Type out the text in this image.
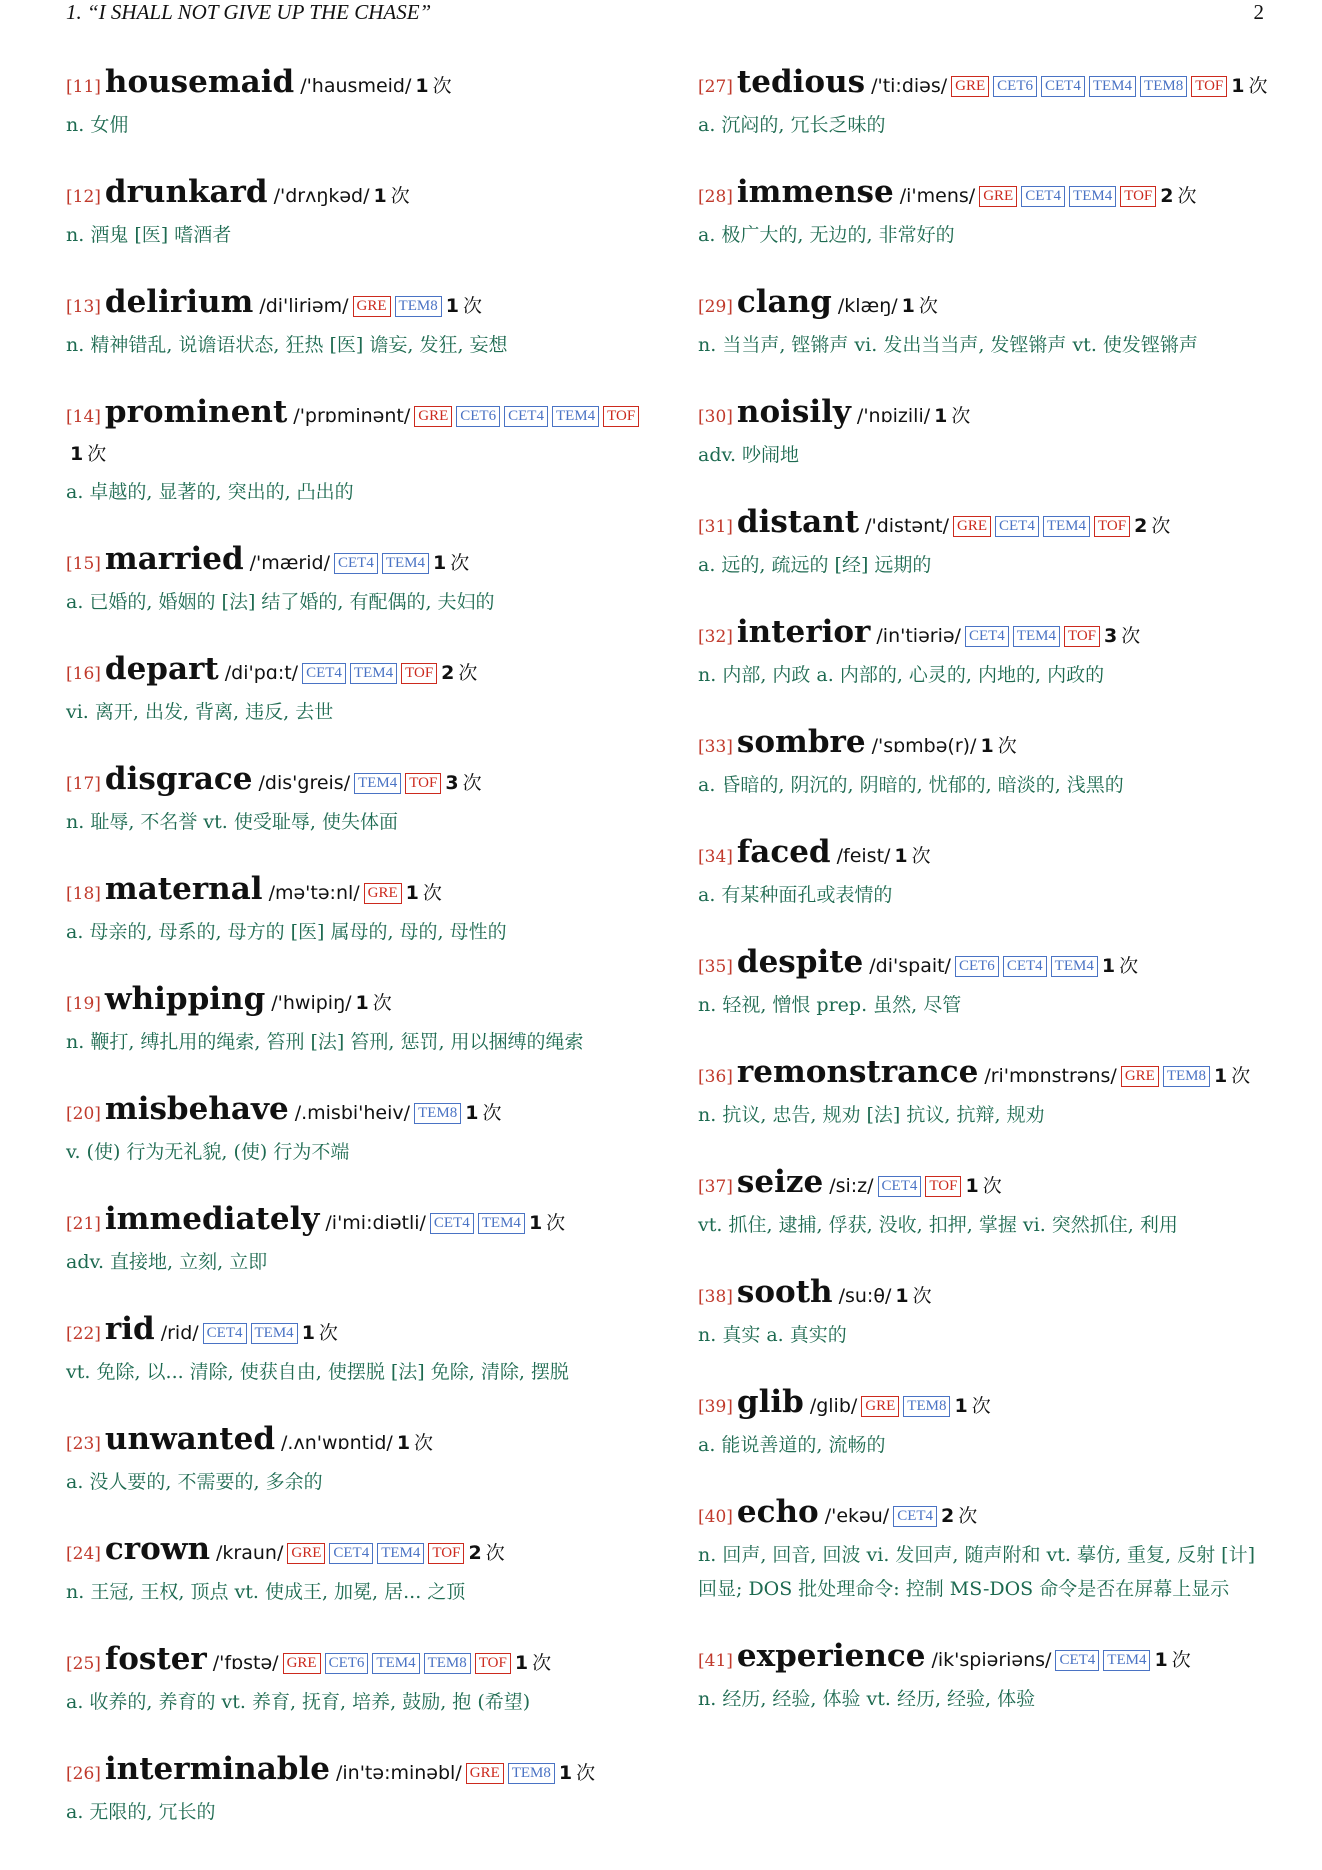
1. “I SHALL NOT GIVE UP THE CHASE”	2
[11] housemaid /'hausmeid/ 1 次
n. 女佣
[12] drunkard /'drʌŋkəd/ 1 次
n. 酒鬼 [医] 嗜酒者
[13] delirium /di'liriəm/ GRE TEM8 1 次
n. 精神错乱, 说谵语状态, 狂热 [医] 谵妄, 发狂, 妄想
[14] prominent /'prɒminənt/ GRE CET6 CET4 TEM4 TOF1 次
a. 卓越的, 显著的, 突出的, 凸出的
[15] married /'mærid/ CET4 TEM4 1 次
a. 已婚的, 婚姻的 [法] 结了婚的, 有配偶的, 夫妇的
[16] depart /di'pɑ:t/ CET4 TEM4 TOF 2 次
vi. 离开, 出发, 背离, 违反, 去世
[17] disgrace /dis'greis/ TEM4 TOF 3 次
n. 耻辱, 不名誉 vt. 使受耻辱, 使失体面
[18] maternal /mə'tə:nl/ GRE 1 次
a. 母亲的, 母系的, 母方的 [医] 属母的, 母的, 母性的
[19] whipping /'hwipiŋ/ 1 次
n. 鞭打, 缚扎用的绳索, 笞刑 [法] 笞刑, 惩罚, 用以捆缚的绳索
[20] misbehave /.misbi'heiv/ TEM8 1 次
v. (使) 行为无礼貌, (使) 行为不端
[21] immediately /i'mi:diətli/ CET4 TEM4 1 次
adv. 直接地, 立刻, 立即
[22] rid /rid/ CET4 TEM4 1 次
vt. 免除, 以... 清除, 使获自由, 使摆脱 [法] 免除, 清除, 摆脱
[23] unwanted /.ʌn'wɒntid/ 1 次
a. 没人要的, 不需要的, 多余的
[24] crown /kraun/ GRE CET4 TEM4 TOF 2 次
n. 王冠, 王权, 顶点 vt. 使成王, 加冕, 居... 之顶
[25] foster /'fɒstə/ GRE CET6 TEM4 TEM8 TOF 1 次
a. 收养的, 养育的 vt. 养育, 抚育, 培养, 鼓励, 抱 (希望)
[26] interminable /in'tə:minəbl/ GRE TEM8 1 次
a. 无限的, 冗长的
[27] tedious /'ti:diəs/ GRE CET6 CET4 TEM4 TEM8 TOF 1 次
a. 沉闷的, 冗长乏味的
[28] immense /i'mens/ GRE CET4 TEM4 TOF 2 次
a. 极广大的, 无边的, 非常好的
[29] clang /klæŋ/ 1 次
n. 当当声, 铿锵声 vi. 发出当当声, 发铿锵声 vt. 使发铿锵声
[30] noisily /'nɒizili/ 1 次
adv. 吵闹地
[31] distant /'distənt/ GRE CET4 TEM4 TOF 2 次
a. 远的, 疏远的 [经] 远期的
[32] interior /in'tiəriə/ CET4 TEM4 TOF 3 次
n. 内部, 内政 a. 内部的, 心灵的, 内地的, 内政的
[33] sombre /'sɒmbə(r)/ 1 次
a. 昏暗的, 阴沉的, 阴暗的, 忧郁的, 暗淡的, 浅黑的
[34] faced /feist/ 1 次
a. 有某种面孔或表情的
[35] despite /di'spait/ CET6 CET4 TEM4 1 次
n. 轻视, 憎恨 prep. 虽然, 尽管
[36] remonstrance /ri'mɒnstrəns/ GRE TEM8 1 次
n. 抗议, 忠告, 规劝 [法] 抗议, 抗辩, 规劝
[37] seize /si:z/ CET4 TOF 1 次
vt. 抓住, 逮捕, 俘获, 没收, 扣押, 掌握 vi. 突然抓住, 利用
[38] sooth /su:θ/ 1 次
n. 真实 a. 真实的
[39] glib /glib/ GRE TEM8 1 次
a. 能说善道的, 流畅的
[40] echo /'ekəu/ CET4 2 次
n. 回声, 回音, 回波 vi. 发回声, 随声附和 vt. 摹仿, 重复, 反射 [计] 回显; DOS 批处理命令: 控制 MS-DOS 命令是否在屏幕上显示
[41] experience /ik'spiəriəns/ CET4 TEM4 1 次
n. 经历, 经验, 体验 vt. 经历, 经验, 体验
